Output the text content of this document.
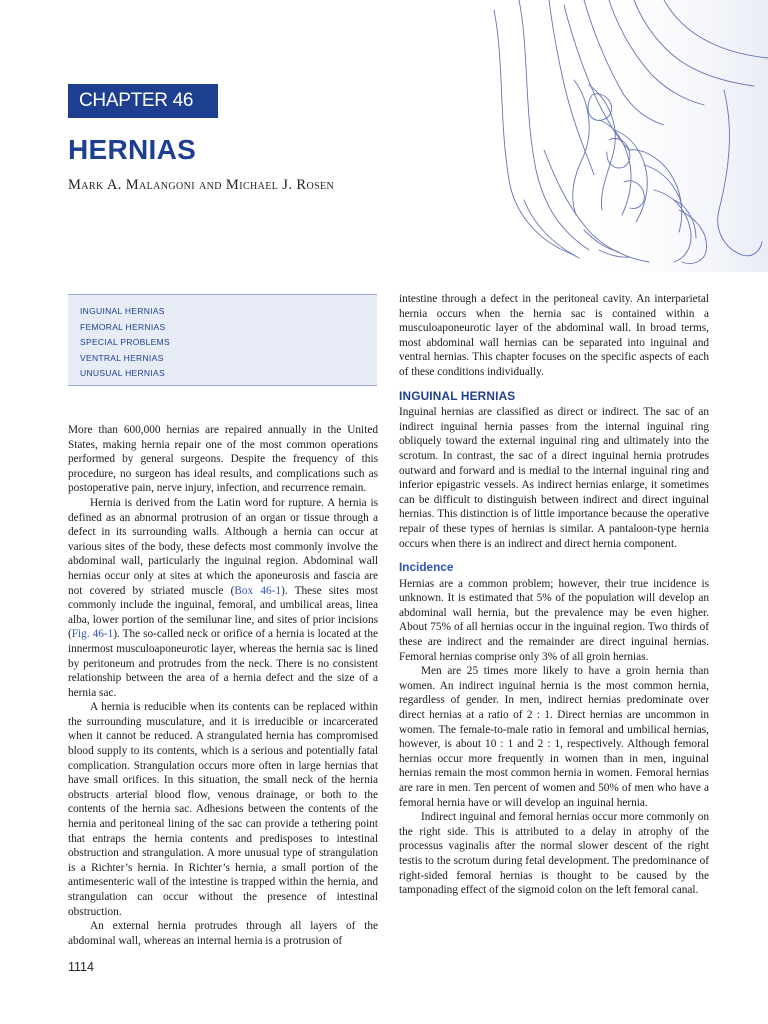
CHAPTER 46
HERNIAS

Mark A. Malangoni and Michael J. Rosen

INGUINAL HERNIAS
FEMORAL HERNIAS
SPECIAL PROBLEMS
VENTRAL HERNIAS
UNUSUAL HERNIAS

More than 600,000 hernias are repaired annually in the United States, making hernia repair one of the most common operations performed by general surgeons. Despite the frequency of this procedure, no surgeon has ideal results, and complications such as postoperative pain, nerve injury, infection, and recurrence remain.

Hernia is derived from the Latin word for rupture. A hernia is defined as an abnormal protrusion of an organ or tissue through a defect in its surrounding walls. Although a hernia can occur at various sites of the body, these defects most commonly involve the abdominal wall, particularly the inguinal region. Abdominal wall hernias occur only at sites at which the aponeurosis and fascia are not covered by striated muscle (Box 46-1). These sites most commonly include the inguinal, femoral, and umbilical areas, linea alba, lower portion of the semilunar line, and sites of prior incisions (Fig. 46-1). The so-called neck or orifice of a hernia is located at the innermost musculoaponeurotic layer, whereas the hernia sac is lined by peritoneum and protrudes from the neck. There is no consistent relationship between the area of a hernia defect and the size of a hernia sac.

A hernia is reducible when its contents can be replaced within the surrounding musculature, and it is irreducible or incarcerated when it cannot be reduced. A strangulated hernia has compromised blood supply to its contents, which is a serious and potentially fatal complication. Strangulation occurs more often in large hernias that have small orifices. In this situation, the small neck of the hernia obstructs arterial blood flow, venous drainage, or both to the contents of the hernia sac. Adhesions between the contents of the hernia and peritoneal lining of the sac can provide a tethering point that entraps the hernia contents and predisposes to intestinal obstruction and strangulation. A more unusual type of strangulation is a Richter’s hernia. In Richter’s hernia, a small portion of the antimesenteric wall of the intestine is trapped within the hernia, and strangulation can occur without the presence of intestinal obstruction.

An external hernia protrudes through all layers of the abdominal wall, whereas an internal hernia is a protrusion of

intestine through a defect in the peritoneal cavity. An interparietal hernia occurs when the hernia sac is contained within a musculoaponeurotic layer of the abdominal wall. In broad terms, most abdominal wall hernias can be separated into inguinal and ventral hernias. This chapter focuses on the specific aspects of each of these conditions individually.

INGUINAL HERNIAS

Inguinal hernias are classified as direct or indirect. The sac of an indirect inguinal hernia passes from the internal inguinal ring obliquely toward the external inguinal ring and ultimately into the scrotum. In contrast, the sac of a direct inguinal hernia protrudes outward and forward and is medial to the internal inguinal ring and inferior epigastric vessels. As indirect hernias enlarge, it sometimes can be difficult to distinguish between indirect and direct inguinal hernias. This distinction is of little importance because the operative repair of these types of hernias is similar. A pantaloon-type hernia occurs when there is an indirect and direct hernia component.

Incidence

Hernias are a common problem; however, their true incidence is unknown. It is estimated that 5% of the population will develop an abdominal wall hernia, but the prevalence may be even higher. About 75% of all hernias occur in the inguinal region. Two thirds of these are indirect and the remainder are direct inguinal hernias. Femoral hernias comprise only 3% of all groin hernias.

Men are 25 times more likely to have a groin hernia than women. An indirect inguinal hernia is the most common hernia, regardless of gender. In men, indirect hernias predominate over direct hernias at a ratio of 2 : 1. Direct hernias are uncommon in women. The female-to-male ratio in femoral and umbilical hernias, however, is about 10 : 1 and 2 : 1, respectively. Although femoral hernias occur more frequently in women than in men, inguinal hernias remain the most common hernia in women. Femoral hernias are rare in men. Ten percent of women and 50% of men who have a femoral hernia have or will develop an inguinal hernia.

Indirect inguinal and femoral hernias occur more commonly on the right side. This is attributed to a delay in atrophy of the processus vaginalis after the normal slower descent of the right testis to the scrotum during fetal development. The predominance of right-sided femoral hernias is thought to be caused by the tamponading effect of the sigmoid colon on the left femoral canal.

1114
